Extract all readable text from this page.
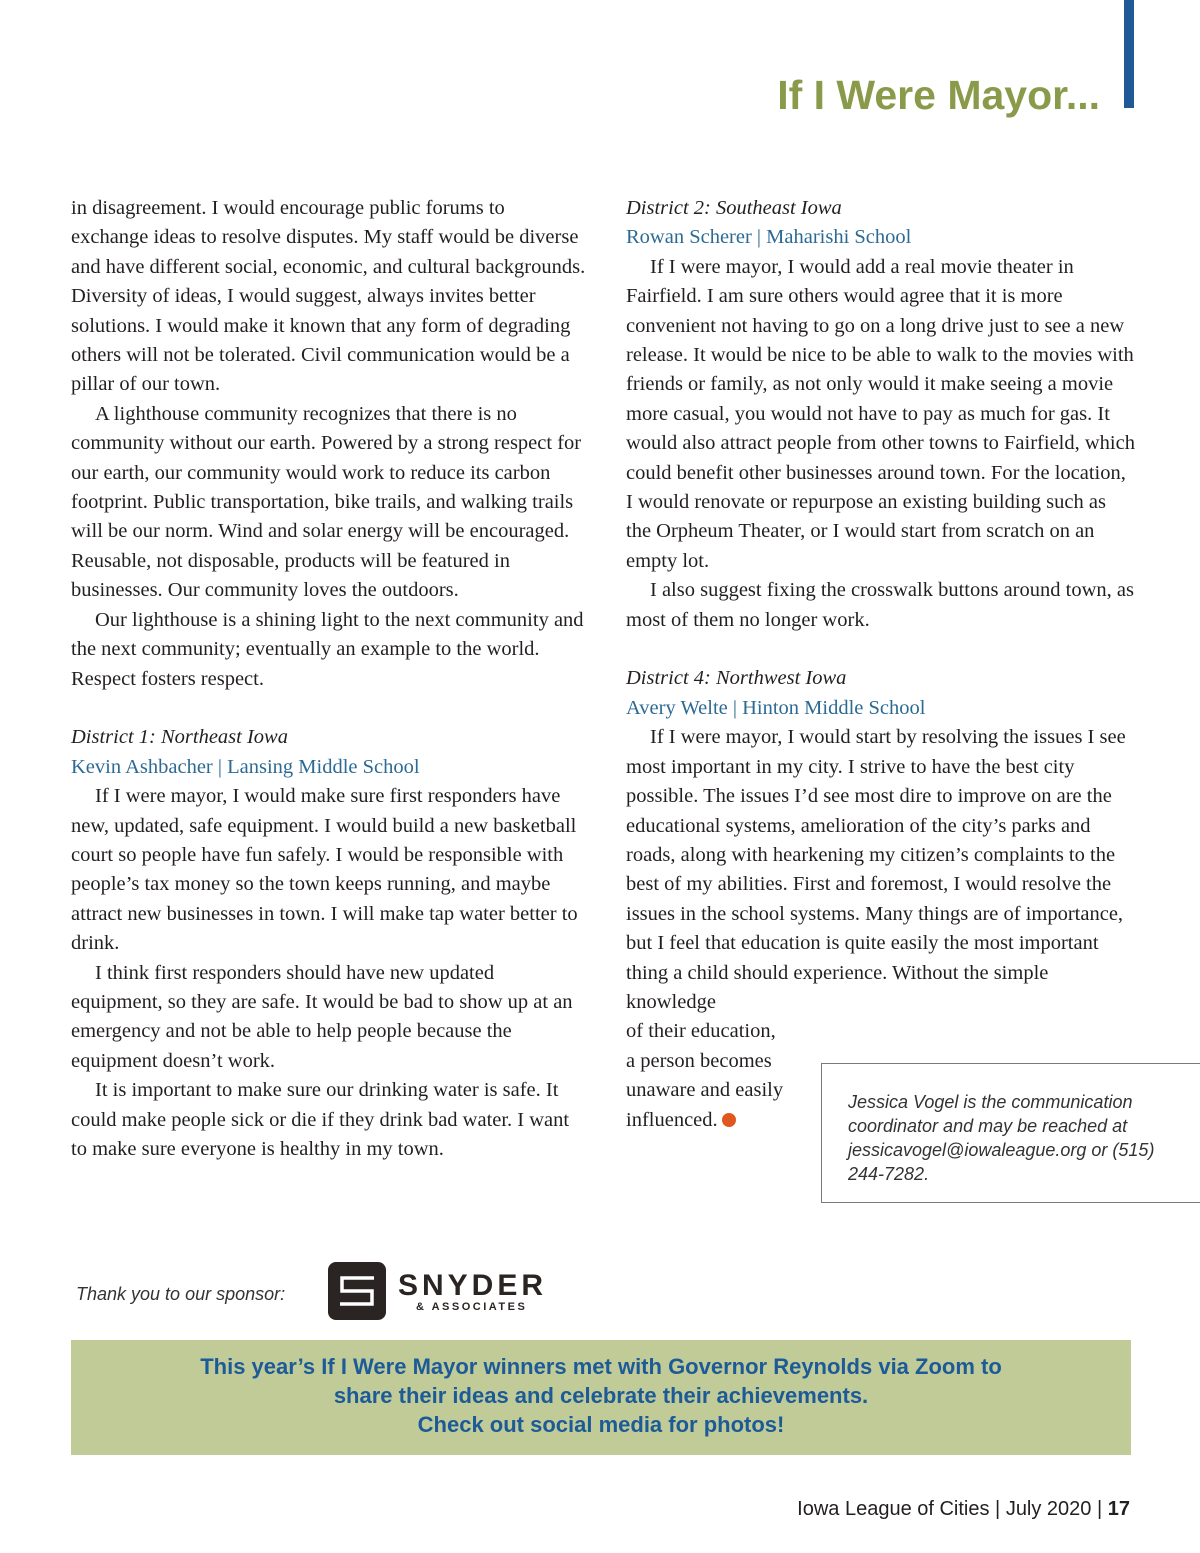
If I Were Mayor...

in disagreement. I would encourage public forums to exchange ideas to resolve disputes. My staff would be diverse and have different social, economic, and cultural backgrounds. Diversity of ideas, I would suggest, always invites better solutions. I would make it known that any form of degrading others will not be tolerated. Civil communication would be a pillar of our town.

A lighthouse community recognizes that there is no community without our earth. Powered by a strong respect for our earth, our community would work to reduce its carbon footprint. Public transportation, bike trails, and walking trails will be our norm. Wind and solar energy will be encouraged. Reusable, not disposable, products will be featured in businesses. Our community loves the outdoors.

Our lighthouse is a shining light to the next community and the next community; eventually an example to the world. Respect fosters respect.

District 1: Northeast Iowa

Kevin Ashbacher | Lansing Middle School

If I were mayor, I would make sure first responders have new, updated, safe equipment. I would build a new basketball court so people have fun safely. I would be responsible with people’s tax money so the town keeps running, and maybe attract new businesses in town. I will make tap water better to drink.

I think first responders should have new updated equipment, so they are safe. It would be bad to show up at an emergency and not be able to help people because the equipment doesn’t work.

It is important to make sure our drinking water is safe. It could make people sick or die if they drink bad water. I want to make sure everyone is healthy in my town.

District 2: Southeast Iowa

Rowan Scherer | Maharishi School

If I were mayor, I would add a real movie theater in Fairfield. I am sure others would agree that it is more convenient not having to go on a long drive just to see a new release. It would be nice to be able to walk to the movies with friends or family, as not only would it make seeing a movie more casual, you would not have to pay as much for gas. It would also attract people from other towns to Fairfield, which could benefit other businesses around town. For the location, I would renovate or repurpose an existing building such as the Orpheum Theater, or I would start from scratch on an empty lot.

I also suggest fixing the crosswalk buttons around town, as most of them no longer work.

District 4: Northwest Iowa

Avery Welte | Hinton Middle School

If I were mayor, I would start by resolving the issues I see most important in my city. I strive to have the best city possible. The issues I’d see most dire to improve on are the educational systems, amelioration of the city’s parks and roads, along with hearkening my citizen’s complaints to the best of my abilities. First and foremost, I would resolve the issues in the school systems. Many things are of importance, but I feel that education is quite easily the most important thing a child should experience. Without the simple knowledge

of their education,

a person becomes

unaware and easily

influenced.

Jessica Vogel is the communication coordinator and may be reached at jessicavogel@iowaleague.org or (515) 244-7282.
Thank you to our sponsor:	SNYDER
& ASSOCIATES
This year’s If I Were Mayor winners met with Governor Reynolds via Zoom to
share their ideas and celebrate their achievements.
Check out social media for photos!
Iowa League of Cities | July 2020 | 17
